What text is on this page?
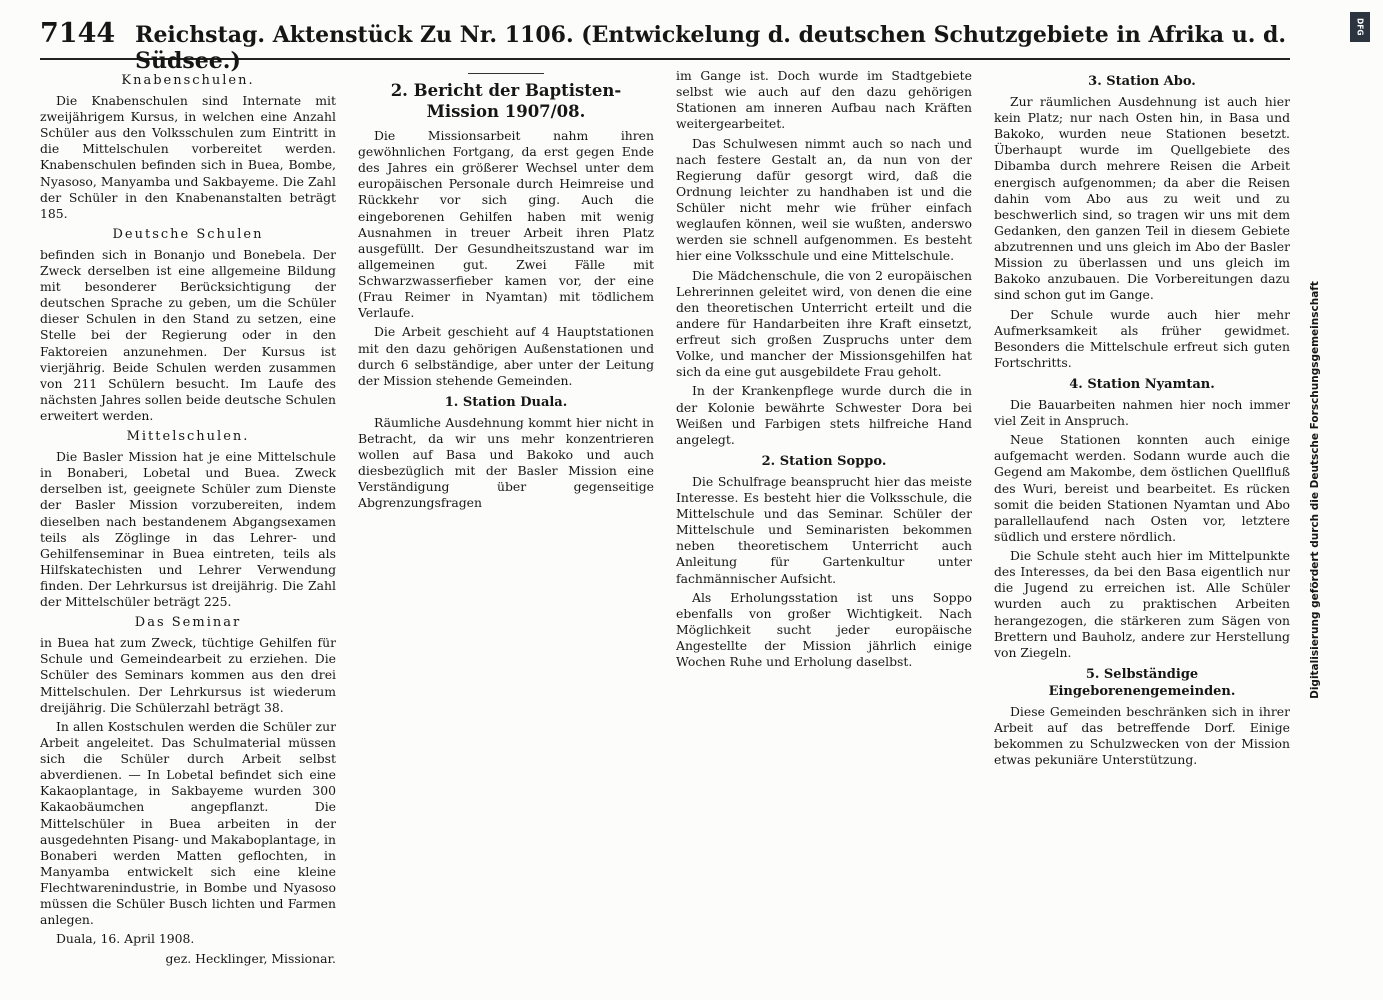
7144 Reichstag. Aktenstück Zu Nr. 1106. (Entwickelung d. deutschen Schutzgebiete in Afrika u. d. Südsee.)
Knabenschulen.

Die Knabenschulen sind Internate mit zweijährigem Kursus, in welchen eine Anzahl Schüler aus den Volksschulen zum Eintritt in die Mittelschulen vorbereitet werden. Knabenschulen befinden sich in Buea, Bombe, Nyasoso, Manyamba und Sakbayeme. Die Zahl der Schüler in den Knabenanstalten beträgt 185.

Deutsche Schulen

befinden sich in Bonanjo und Bonebela. Der Zweck derselben ist eine allgemeine Bildung mit besonderer Berücksichtigung der deutschen Sprache zu geben, um die Schüler dieser Schulen in den Stand zu setzen, eine Stelle bei der Regierung oder in den Faktoreien anzunehmen. Der Kursus ist vierjährig. Beide Schulen werden zusammen von 211 Schülern besucht. Im Laufe des nächsten Jahres sollen beide deutsche Schulen erweitert werden.

Mittelschulen.

Die Basler Mission hat je eine Mittelschule in Bonaberi, Lobetal und Buea. Zweck derselben ist, geeignete Schüler zum Dienste der Basler Mission vorzubereiten, indem dieselben nach bestandenem Abgangsexamen teils als Zöglinge in das Lehrer- und Gehilfenseminar in Buea eintreten, teils als Hilfskatechisten und Lehrer Verwendung finden. Der Lehrkursus ist dreijährig. Die Zahl der Mittelschüler beträgt 225.

Das Seminar

in Buea hat zum Zweck, tüchtige Gehilfen für Schule und Gemeindearbeit zu erziehen. Die Schüler des Seminars kommen aus den drei Mittelschulen. Der Lehrkursus ist wiederum dreijährig. Die Schülerzahl beträgt 38.

In allen Kostschulen werden die Schüler zur Arbeit angeleitet. Das Schulmaterial müssen sich die Schüler durch Arbeit selbst abverdienen. — In Lobetal befindet sich eine Kakaoplantage, in Sakbayeme wurden 300 Kakaobäumchen angepflanzt. Die Mittelschüler in Buea arbeiten in der ausgedehnten Pisang- und Makaboplantage, in Bonaberi werden Matten geflochten, in Manyamba entwickelt sich eine kleine Flechtwarenindustrie, in Bombe und Nyasoso müssen die Schüler Busch lichten und Farmen anlegen.

Duala, 16. April 1908.

gez. Hecklinger, Missionar.

2. Bericht der Baptisten-Mission 1907/08.

Die Missionsarbeit nahm ihren gewöhnlichen Fortgang, da erst gegen Ende des Jahres ein größerer Wechsel unter dem europäischen Personale durch Heimreise und Rückkehr vor sich ging. Auch die eingeborenen Gehilfen haben mit wenig Ausnahmen in treuer Arbeit ihren Platz ausgefüllt. Der Gesundheitszustand war im allgemeinen gut. Zwei Fälle mit Schwarzwasserfieber kamen vor, der eine (Frau Reimer in Nyamtan) mit tödlichem Verlaufe.

Die Arbeit geschieht auf 4 Hauptstationen mit den dazu gehörigen Außenstationen und durch 6 selbständige, aber unter der Leitung der Mission stehende Gemeinden.

1. Station Duala.

Räumliche Ausdehnung kommt hier nicht in Betracht, da wir uns mehr konzentrieren wollen auf Basa und Bakoko und auch diesbezüglich mit der Basler Mission eine Verständigung über gegenseitige Abgrenzungsfragen

im Gange ist. Doch wurde im Stadtgebiete selbst wie auch auf den dazu gehörigen Stationen am inneren Aufbau nach Kräften weitergearbeitet.

Das Schulwesen nimmt auch so nach und nach festere Gestalt an, da nun von der Regierung dafür gesorgt wird, daß die Ordnung leichter zu handhaben ist und die Schüler nicht mehr wie früher einfach weglaufen können, weil sie wußten, anderswo werden sie schnell aufgenommen. Es besteht hier eine Volksschule und eine Mittelschule.

Die Mädchenschule, die von 2 europäischen Lehrerinnen geleitet wird, von denen die eine den theoretischen Unterricht erteilt und die andere für Handarbeiten ihre Kraft einsetzt, erfreut sich großen Zuspruchs unter dem Volke, und mancher der Missionsgehilfen hat sich da eine gut ausgebildete Frau geholt.

In der Krankenpflege wurde durch die in der Kolonie bewährte Schwester Dora bei Weißen und Farbigen stets hilfreiche Hand angelegt.

2. Station Soppo.

Die Schulfrage beansprucht hier das meiste Interesse. Es besteht hier die Volksschule, die Mittelschule und das Seminar. Schüler der Mittelschule und Seminaristen bekommen neben theoretischem Unterricht auch Anleitung für Gartenkultur unter fachmännischer Aufsicht.

Als Erholungsstation ist uns Soppo ebenfalls von großer Wichtigkeit. Nach Möglichkeit sucht jeder europäische Angestellte der Mission jährlich einige Wochen Ruhe und Erholung daselbst.

3. Station Abo.

Zur räumlichen Ausdehnung ist auch hier kein Platz; nur nach Osten hin, in Basa und Bakoko, wurden neue Stationen besetzt. Überhaupt wurde im Quellgebiete des Dibamba durch mehrere Reisen die Arbeit energisch aufgenommen; da aber die Reisen dahin vom Abo aus zu weit und zu beschwerlich sind, so tragen wir uns mit dem Gedanken, den ganzen Teil in diesem Gebiete abzutrennen und uns gleich im Abo der Basler Mission zu überlassen und uns gleich im Bakoko anzubauen. Die Vorbereitungen dazu sind schon gut im Gange.

Der Schule wurde auch hier mehr Aufmerksamkeit als früher gewidmet. Besonders die Mittelschule erfreut sich guten Fortschritts.

4. Station Nyamtan.

Die Bauarbeiten nahmen hier noch immer viel Zeit in Anspruch.

Neue Stationen konnten auch einige aufgemacht werden. Sodann wurde auch die Gegend am Makombe, dem östlichen Quellfluß des Wuri, bereist und bearbeitet. Es rücken somit die beiden Stationen Nyamtan und Abo parallellaufend nach Osten vor, letztere südlich und erstere nördlich.

Die Schule steht auch hier im Mittelpunkte des Interesses, da bei den Basa eigentlich nur die Jugend zu erreichen ist. Alle Schüler wurden auch zu praktischen Arbeiten herangezogen, die stärkeren zum Sägen von Brettern und Bauholz, andere zur Herstellung von Ziegeln.

5. Selbständige Eingeborenengemeinden.

Diese Gemeinden beschränken sich in ihrer Arbeit auf das betreffende Dorf. Einige bekommen zu Schulzwecken von der Mission etwas pekuniäre Unterstützung.

Digitalisierung gefördert durch die Deutsche Forschungsgemeinschaft
DFG
